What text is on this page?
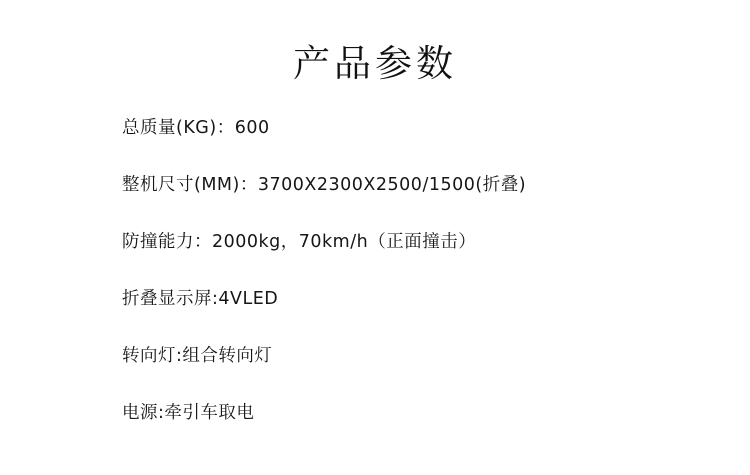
产品参数
总质量(KG)：600
整机尺寸(MM)：3700X2300X2500/1500(折叠)
防撞能力：2000kg，70km/h（正面撞击）
折叠显示屏:4VLED
转向灯:组合转向灯
电源:牵引车取电
